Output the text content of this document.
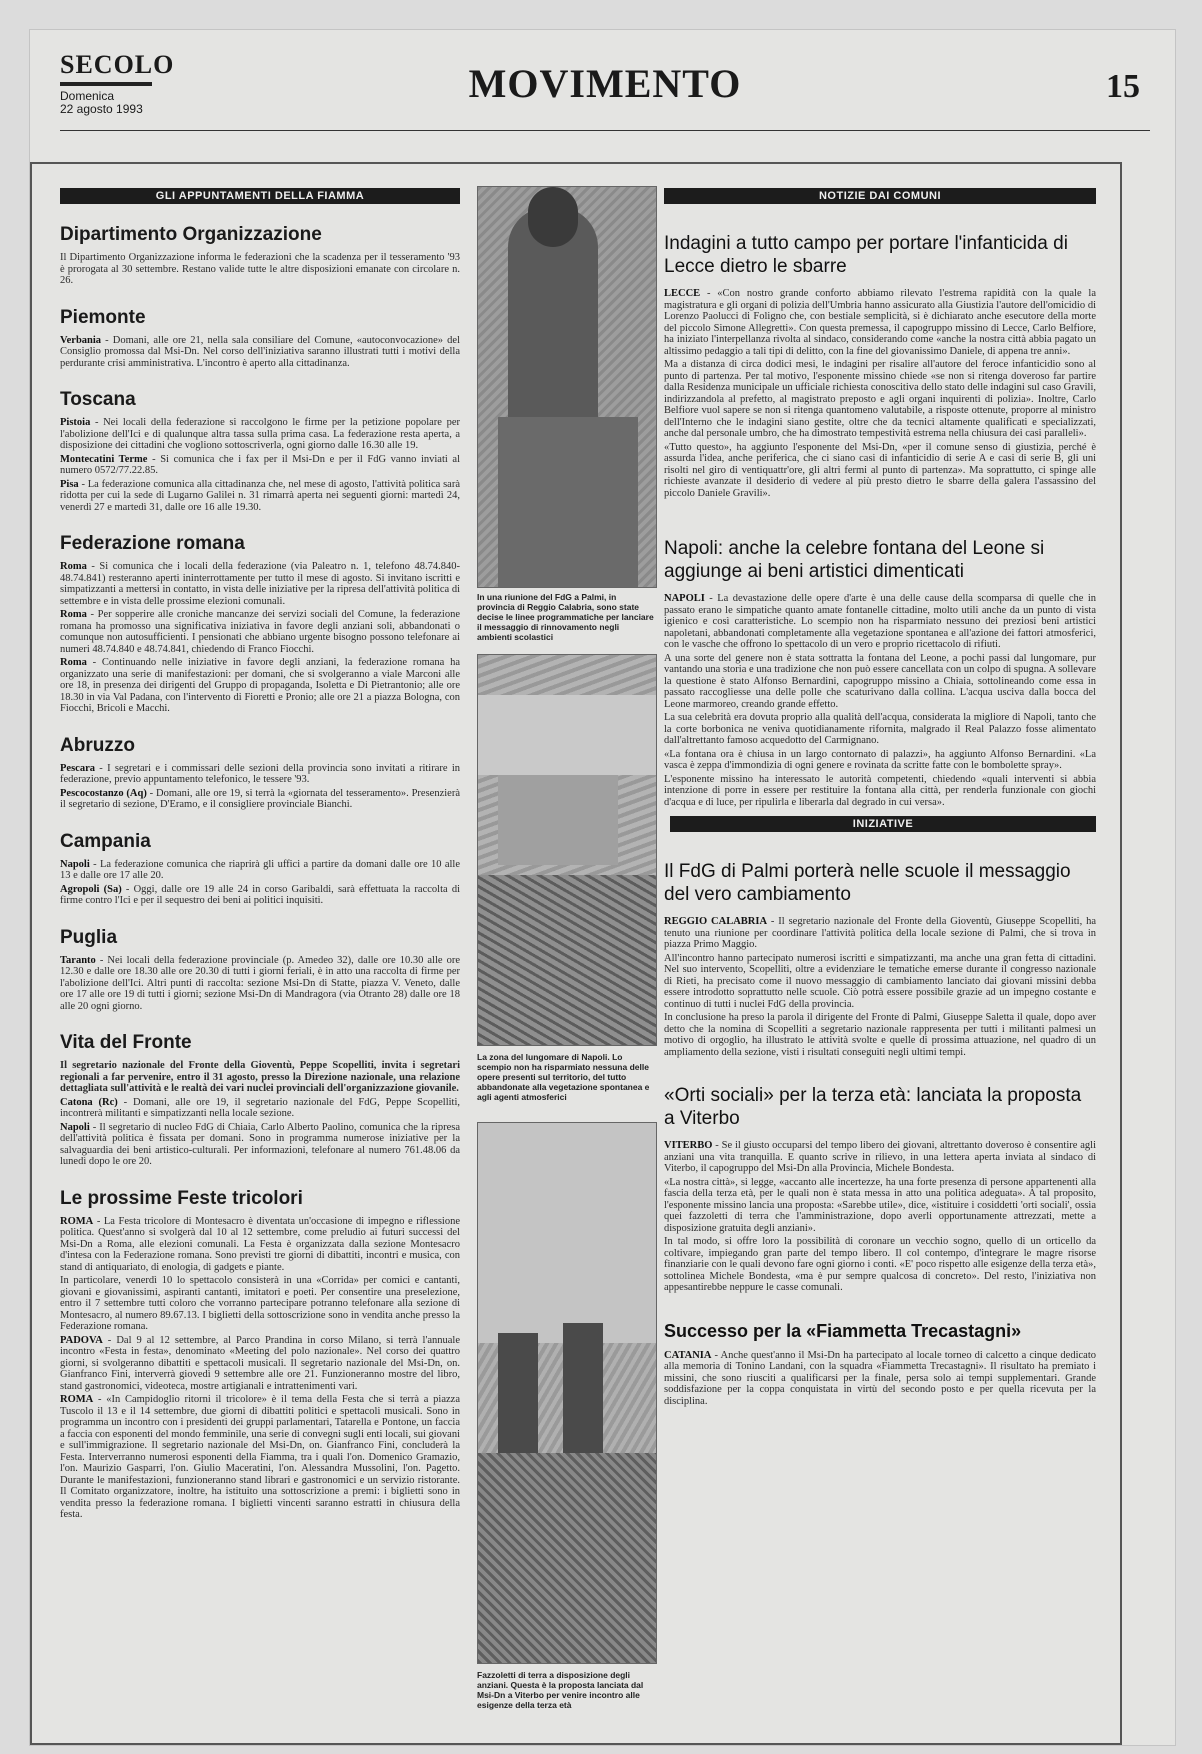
SECOLO
Domenica
22 agosto 1993
MOVIMENTO	15
GLI APPUNTAMENTI DELLA FIAMMA
Dipartimento Organizzazione

Il Dipartimento Organizzazione informa le federazioni che la scadenza per il tesseramento '93 è prorogata al 30 settembre. Restano valide tutte le altre disposizioni emanate con circolare n. 26.

Piemonte

Verbania - Domani, alle ore 21, nella sala consiliare del Comune, «autoconvocazione» del Consiglio promossa dal Msi-Dn. Nel corso dell'iniziativa saranno illustrati tutti i motivi della perdurante crisi amministrativa. L'incontro è aperto alla cittadinanza.

Toscana

Pistoia - Nei locali della federazione si raccolgono le firme per la petizione popolare per l'abolizione dell'Ici e di qualunque altra tassa sulla prima casa. La federazione resta aperta, a disposizione dei cittadini che vogliono sottoscriverla, ogni giorno dalle 16.30 alle 19.

Montecatini Terme - Si comunica che i fax per il Msi-Dn e per il FdG vanno inviati al numero 0572/77.22.85.

Pisa - La federazione comunica alla cittadinanza che, nel mese di agosto, l'attività politica sarà ridotta per cui la sede di Lugarno Galilei n. 31 rimarrà aperta nei seguenti giorni: martedì 24, venerdì 27 e martedì 31, dalle ore 16 alle 19.30.

Federazione romana

Roma - Si comunica che i locali della federazione (via Paleatro n. 1, telefono 48.74.840-48.74.841) resteranno aperti ininterrottamente per tutto il mese di agosto. Si invitano iscritti e simpatizzanti a mettersi in contatto, in vista delle iniziative per la ripresa dell'attività politica di settembre e in vista delle prossime elezioni comunali.

Roma - Per sopperire alle croniche mancanze dei servizi sociali del Comune, la federazione romana ha promosso una significativa iniziativa in favore degli anziani soli, abbandonati o comunque non autosufficienti. I pensionati che abbiano urgente bisogno possono telefonare ai numeri 48.74.840 e 48.74.841, chiedendo di Franco Fiocchi.

Roma - Continuando nelle iniziative in favore degli anziani, la federazione romana ha organizzato una serie di manifestazioni: per domani, che si svolgeranno a viale Marconi alle ore 18, in presenza dei dirigenti del Gruppo di propaganda, Isoletta e Di Pietrantonio; alle ore 18.30 in via Val Padana, con l'intervento di Fioretti e Pronio; alle ore 21 a piazza Bologna, con Fiocchi, Bricoli e Macchi.

Abruzzo

Pescara - I segretari e i commissari delle sezioni della provincia sono invitati a ritirare in federazione, previo appuntamento telefonico, le tessere '93.

Pescocostanzo (Aq) - Domani, alle ore 19, si terrà la «giornata del tesseramento». Presenzierà il segretario di sezione, D'Eramo, e il consigliere provinciale Bianchi.

Campania

Napoli - La federazione comunica che riaprirà gli uffici a partire da domani dalle ore 10 alle 13 e dalle ore 17 alle 20.

Agropoli (Sa) - Oggi, dalle ore 19 alle 24 in corso Garibaldi, sarà effettuata la raccolta di firme contro l'Ici e per il sequestro dei beni ai politici inquisiti.

Puglia

Taranto - Nei locali della federazione provinciale (p. Amedeo 32), dalle ore 10.30 alle ore 12.30 e dalle ore 18.30 alle ore 20.30 di tutti i giorni feriali, è in atto una raccolta di firme per l'abolizione dell'Ici. Altri punti di raccolta: sezione Msi-Dn di Statte, piazza V. Veneto, dalle ore 17 alle ore 19 di tutti i giorni; sezione Msi-Dn di Mandragora (via Otranto 28) dalle ore 18 alle 20 ogni giorno.

Vita del Fronte

Il segretario nazionale del Fronte della Gioventù, Peppe Scopelliti, invita i segretari regionali a far pervenire, entro il 31 agosto, presso la Direzione nazionale, una relazione dettagliata sull'attività e le realtà dei vari nuclei provinciali dell'organizzazione giovanile.

Catona (Rc) - Domani, alle ore 19, il segretario nazionale del FdG, Peppe Scopelliti, incontrerà militanti e simpatizzanti nella locale sezione.

Napoli - Il segretario di nucleo FdG di Chiaia, Carlo Alberto Paolino, comunica che la ripresa dell'attività politica è fissata per domani. Sono in programma numerose iniziative per la salvaguardia dei beni artistico-culturali. Per informazioni, telefonare al numero 761.48.06 da lunedì dopo le ore 20.

Le prossime Feste tricolori

ROMA - La Festa tricolore di Montesacro è diventata un'occasione di impegno e riflessione politica. Quest'anno si svolgerà dal 10 al 12 settembre, come preludio ai futuri successi del Msi-Dn a Roma, alle elezioni comunali. La Festa è organizzata dalla sezione Montesacro d'intesa con la Federazione romana. Sono previsti tre giorni di dibattiti, incontri e musica, con stand di antiquariato, di enologia, di gadgets e piante.

In particolare, venerdì 10 lo spettacolo consisterà in una «Corrida» per comici e cantanti, giovani e giovanissimi, aspiranti cantanti, imitatori e poeti. Per consentire una preselezione, entro il 7 settembre tutti coloro che vorranno partecipare potranno telefonare alla sezione di Montesacro, al numero 89.67.13. I biglietti della sottoscrizione sono in vendita anche presso la Federazione romana.

PADOVA - Dal 9 al 12 settembre, al Parco Prandina in corso Milano, si terrà l'annuale incontro «Festa in festa», denominato «Meeting del polo nazionale». Nel corso dei quattro giorni, si svolgeranno dibattiti e spettacoli musicali. Il segretario nazionale del Msi-Dn, on. Gianfranco Fini, interverrà giovedì 9 settembre alle ore 21. Funzioneranno mostre del libro, stand gastronomici, videoteca, mostre artigianali e intrattenimenti vari.

ROMA - «In Campidoglio ritorni il tricolore» è il tema della Festa che si terrà a piazza Tuscolo il 13 e il 14 settembre, due giorni di dibattiti politici e spettacoli musicali. Sono in programma un incontro con i presidenti dei gruppi parlamentari, Tatarella e Pontone, un faccia a faccia con esponenti del mondo femminile, una serie di convegni sugli enti locali, sui giovani e sull'immigrazione. Il segretario nazionale del Msi-Dn, on. Gianfranco Fini, concluderà la Festa. Interverranno numerosi esponenti della Fiamma, tra i quali l'on. Domenico Gramazio, l'on. Maurizio Gasparri, l'on. Giulio Maceratini, l'on. Alessandra Mussolini, l'on. Pagetto. Durante le manifestazioni, funzioneranno stand librari e gastronomici e un servizio ristorante. Il Comitato organizzatore, inoltre, ha istituito una sottoscrizione a premi: i biglietti sono in vendita presso la federazione romana. I biglietti vincenti saranno estratti in chiusura della festa.

In una riunione del FdG a Palmi, in provincia di Reggio Calabria, sono state decise le linee programmatiche per lanciare il messaggio di rinnovamento negli ambienti scolastici
La zona del lungomare di Napoli. Lo scempio non ha risparmiato nessuna delle opere presenti sul territorio, del tutto abbandonate alla vegetazione spontanea e agli agenti atmosferici
Fazzoletti di terra a disposizione degli anziani. Questa è la proposta lanciata dal Msi-Dn a Viterbo per venire incontro alle esigenze della terza età
NOTIZIE DAI COMUNI
Indagini a tutto campo per portare l'infanticida di Lecce dietro le sbarre

LECCE - «Con nostro grande conforto abbiamo rilevato l'estrema rapidità con la quale la magistratura e gli organi di polizia dell'Umbria hanno assicurato alla Giustizia l'autore dell'omicidio di Lorenzo Paolucci di Foligno che, con bestiale semplicità, si è dichiarato anche esecutore della morte del piccolo Simone Allegretti». Con questa premessa, il capogruppo missino di Lecce, Carlo Belfiore, ha iniziato l'interpellanza rivolta al sindaco, considerando come «anche la nostra città abbia pagato un altissimo pedaggio a tali tipi di delitto, con la fine del giovanissimo Daniele, di appena tre anni».

Ma a distanza di circa dodici mesi, le indagini per risalire all'autore del feroce infanticidio sono al punto di partenza. Per tal motivo, l'esponente missino chiede «se non si ritenga doveroso far partire dalla Residenza municipale un ufficiale richiesta conoscitiva dello stato delle indagini sul caso Gravili, indirizzandola al prefetto, al magistrato preposto e agli organi inquirenti di polizia». Inoltre, Carlo Belfiore vuol sapere se non si ritenga quantomeno valutabile, a risposte ottenute, proporre al ministro dell'Interno che le indagini siano gestite, oltre che da tecnici altamente qualificati e specializzati, anche dal personale umbro, che ha dimostrato tempestività estrema nella chiusura dei casi paralleli».

«Tutto questo», ha aggiunto l'esponente del Msi-Dn, «per il comune senso di giustizia, perché è assurda l'idea, anche periferica, che ci siano casi di infanticidio di serie A e casi di serie B, gli uni risolti nel giro di ventiquattr'ore, gli altri fermi al punto di partenza». Ma soprattutto, ci spinge alle richieste avanzate il desiderio di vedere al più presto dietro le sbarre della galera l'assassino del piccolo Daniele Gravili».

Napoli: anche la celebre fontana del Leone si aggiunge ai beni artistici dimenticati

NAPOLI - La devastazione delle opere d'arte è una delle cause della scomparsa di quelle che in passato erano le simpatiche quanto amate fontanelle cittadine, molto utili anche da un punto di vista igienico e così caratteristiche. Lo scempio non ha risparmiato nessuno dei preziosi beni artistici napoletani, abbandonati completamente alla vegetazione spontanea e all'azione dei fattori atmosferici, con le vasche che offrono lo spettacolo di un vero e proprio ricettacolo di rifiuti.

A una sorte del genere non è stata sottratta la fontana del Leone, a pochi passi dal lungomare, pur vantando una storia e una tradizione che non può essere cancellata con un colpo di spugna. A sollevare la questione è stato Alfonso Bernardini, capogruppo missino a Chiaia, sottolineando come essa in passato raccogliesse una delle polle che scaturivano dalla collina. L'acqua usciva dalla bocca del Leone marmoreo, creando grande effetto.

La sua celebrità era dovuta proprio alla qualità dell'acqua, considerata la migliore di Napoli, tanto che la corte borbonica ne veniva quotidianamente rifornita, malgrado il Real Palazzo fosse alimentato dall'altrettanto famoso acquedotto del Carmignano.

«La fontana ora è chiusa in un largo contornato di palazzi», ha aggiunto Alfonso Bernardini. «La vasca è zeppa d'immondizia di ogni genere e rovinata da scritte fatte con le bombolette spray».

L'esponente missino ha interessato le autorità competenti, chiedendo «quali interventi si abbia intenzione di porre in essere per restituire la fontana alla città, per renderla funzionale con giochi d'acqua e di luce, per ripulirla e liberarla dal degrado in cui versa».

INIZIATIVE
Il FdG di Palmi porterà nelle scuole il messaggio del vero cambiamento

REGGIO CALABRIA - Il segretario nazionale del Fronte della Gioventù, Giuseppe Scopelliti, ha tenuto una riunione per coordinare l'attività politica della locale sezione di Palmi, che si trova in piazza Primo Maggio.

All'incontro hanno partecipato numerosi iscritti e simpatizzanti, ma anche una gran fetta di cittadini. Nel suo intervento, Scopelliti, oltre a evidenziare le tematiche emerse durante il congresso nazionale di Rieti, ha precisato come il nuovo messaggio di cambiamento lanciato dai giovani missini debba essere introdotto soprattutto nelle scuole. Ciò potrà essere possibile grazie ad un impegno costante e continuo di tutti i nuclei FdG della provincia.

In conclusione ha preso la parola il dirigente del Fronte di Palmi, Giuseppe Saletta il quale, dopo aver detto che la nomina di Scopelliti a segretario nazionale rappresenta per tutti i militanti palmesi un motivo di orgoglio, ha illustrato le attività svolte e quelle di prossima attuazione, nel quadro di un ampliamento della sezione, visti i risultati conseguiti negli ultimi tempi.

«Orti sociali» per la terza età: lanciata la proposta a Viterbo

VITERBO - Se il giusto occuparsi del tempo libero dei giovani, altrettanto doveroso è consentire agli anziani una vita tranquilla. E quanto scrive in rilievo, in una lettera aperta inviata al sindaco di Viterbo, il capogruppo del Msi-Dn alla Provincia, Michele Bondesta.

«La nostra città», si legge, «accanto alle incertezze, ha una forte presenza di persone appartenenti alla fascia della terza età, per le quali non è stata messa in atto una politica adeguata». A tal proposito, l'esponente missino lancia una proposta: «Sarebbe utile», dice, «istituire i cosiddetti 'orti sociali', ossia quei fazzoletti di terra che l'amministrazione, dopo averli opportunamente attrezzati, mette a disposizione gratuita degli anziani».

In tal modo, si offre loro la possibilità di coronare un vecchio sogno, quello di un orticello da coltivare, impiegando gran parte del tempo libero. Il col contempo, d'integrare le magre risorse finanziarie con le quali devono fare ogni giorno i conti. «E' poco rispetto alle esigenze della terza età», sottolinea Michele Bondesta, «ma è pur sempre qualcosa di concreto». Del resto, l'iniziativa non appesantirebbe neppure le casse comunali.

Successo per la «Fiammetta Trecastagni»

CATANIA - Anche quest'anno il Msi-Dn ha partecipato al locale torneo di calcetto a cinque dedicato alla memoria di Tonino Landani, con la squadra «Fiammetta Trecastagni». Il risultato ha premiato i missini, che sono riusciti a qualificarsi per la finale, persa solo ai tempi supplementari. Grande soddisfazione per la coppa conquistata in virtù del secondo posto e per quella ricevuta per la disciplina.
